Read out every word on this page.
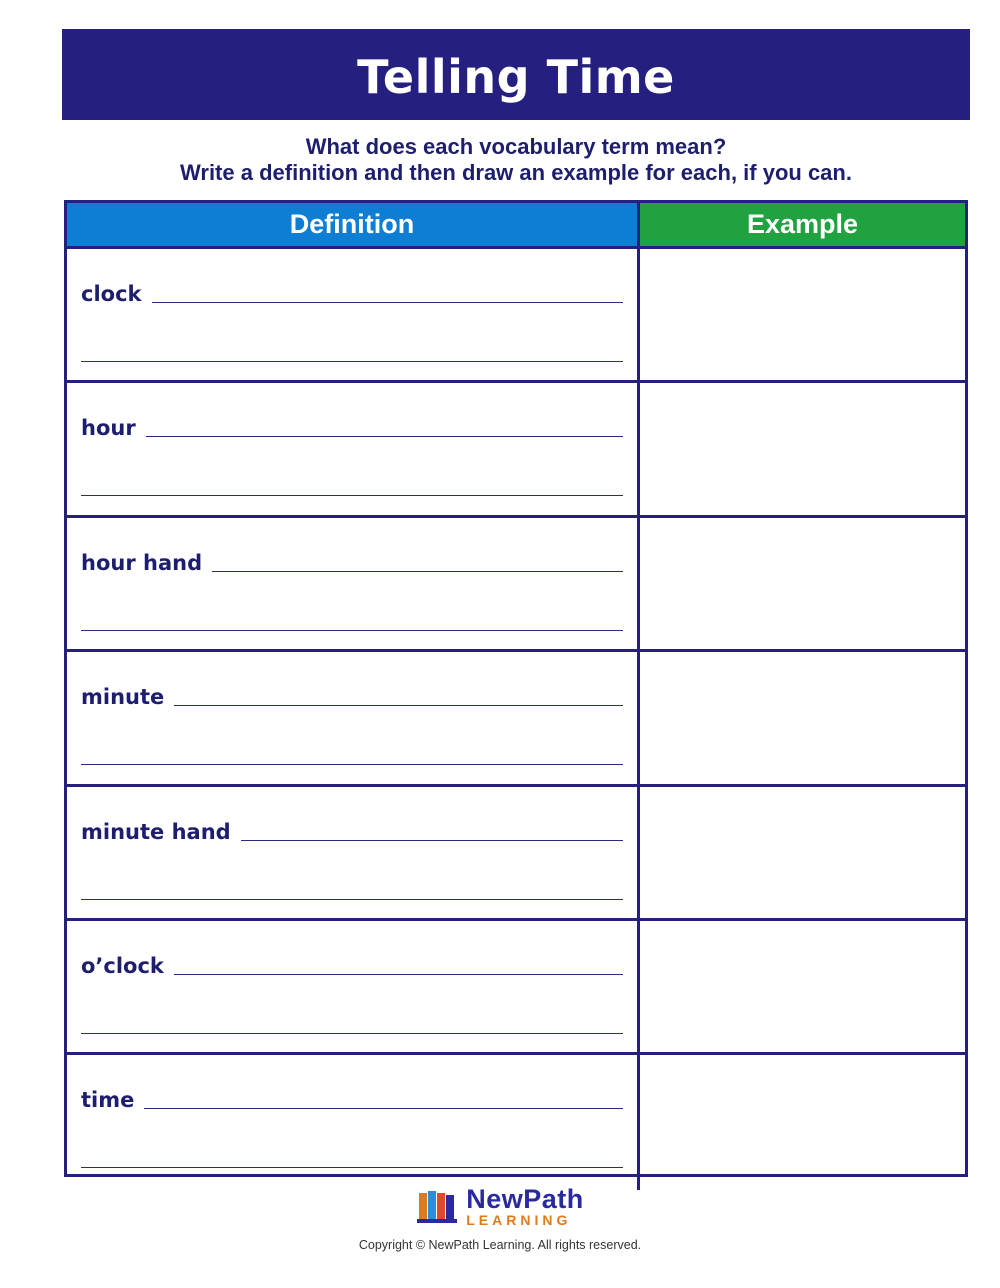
Telling Time
What does each vocabulary term mean?
Write a definition and then draw an example for each, if you can.
Definition	Example
clock
hour
hour hand
minute
minute hand
o’clock
time
NewPath
LEARNING
Copyright © NewPath Learning. All rights reserved.
